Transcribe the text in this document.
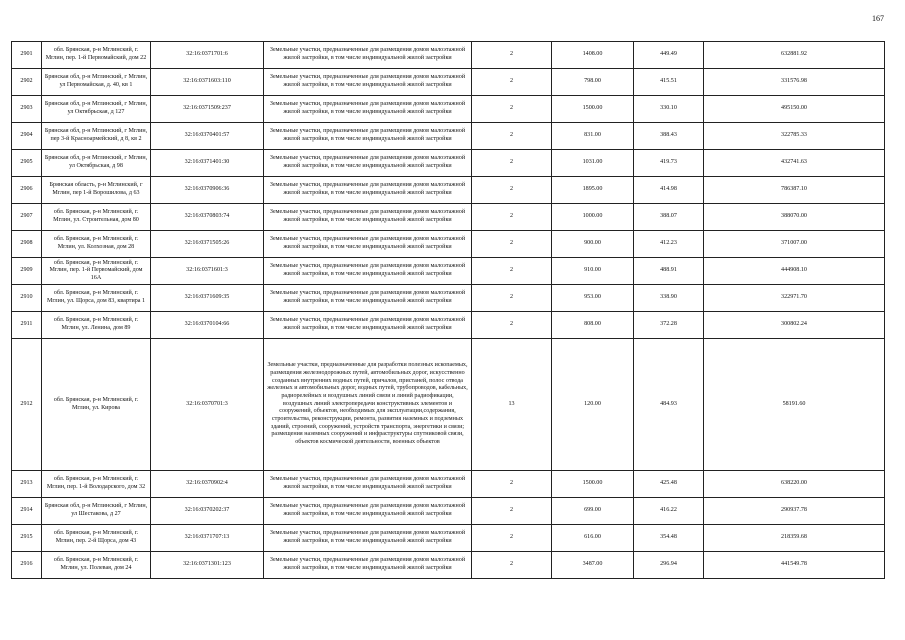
167
2901	обл. Брянская, р-н Мглинский, г. Мглин, пер. 1-й Первомайский, дом 22	32:16:0371701:6	Земельные участки, предназначенные для размещения домов малоэтажной жилой застройки, в том числе индивидуальной жилой застройки	2	1408.00	449.49	632881.92
2902	Брянская обл, р-н Мглинский, г Мглин, ул Первомайская, д. 40, кв 1	32:16:0371603:110	Земельные участки, предназначенные для размещения домов малоэтажной жилой застройки, в том числе индивидуальной жилой застройки	2	798.00	415.51	331576.98
2903	Брянская обл, р-н Мглинский, г Мглин, ул Октябрьская, д 127	32:16:0371509:237	Земельные участки, предназначенные для размещения домов малоэтажной жилой застройки, в том числе индивидуальной жилой застройки	2	1500.00	330.10	495150.00
2904	Брянская обл, р-н Мглинский, г Мглин, пер 3-й Красноармейский, д 8, кв 2	32:16:0370401:57	Земельные участки, предназначенные для размещения домов малоэтажной жилой застройки, в том числе индивидуальной жилой застройки	2	831.00	388.43	322785.33
2905	Брянская обл, р-н Мглинский, г Мглин, ул Октябрьская, д 98	32:16:0371401:30	Земельные участки, предназначенные для размещения домов малоэтажной жилой застройки, в том числе индивидуальной жилой застройки	2	1031.00	419.73	432741.63
2906	Брянская область, р-н Мглинский, г Мглин, пер 1-й Ворошилова, д 63	32:16:0370906:36	Земельные участки, предназначенные для размещения домов малоэтажной жилой застройки, в том числе индивидуальной жилой застройки	2	1895.00	414.98	786387.10
2907	обл. Брянская, р-н Мглинский, г. Мглин, ул. Строительная, дом 80	32:16:0370803:74	Земельные участки, предназначенные для размещения домов малоэтажной жилой застройки, в том числе индивидуальной жилой застройки	2	1000.00	388.07	388070.00
2908	обл. Брянская, р-н Мглинский, г. Мглин, ул. Колхозная, дом 28	32:16:0371505:26	Земельные участки, предназначенные для размещения домов малоэтажной жилой застройки, в том числе индивидуальной жилой застройки	2	900.00	412.23	371007.00
2909	обл. Брянская, р-н Мглинский, г. Мглин, пер. 1-й Первомайский, дом 16А	32:16:0371601:3	Земельные участки, предназначенные для размещения домов малоэтажной жилой застройки, в том числе индивидуальной жилой застройки	2	910.00	488.91	444908.10
2910	обл. Брянская, р-н Мглинский, г. Мглин, ул. Щорса, дом 83, квартира 1	32:16:0371609:35	Земельные участки, предназначенные для размещения домов малоэтажной жилой застройки, в том числе индивидуальной жилой застройки	2	953.00	338.90	322971.70
2911	обл. Брянская, р-н Мглинский, г. Мглин, ул. Ленина, дом 89	32:16:0370104:66	Земельные участки, предназначенные для размещения домов малоэтажной жилой застройки, в том числе индивидуальной жилой застройки	2	808.00	372.28	300802.24
2912	обл. Брянская, р-н Мглинский, г. Мглин, ул. Кирова	32:16:0370701:3	Земельные участки, предназначенные для разработки полезных ископаемых, размещения железнодорожных путей, автомобильных дорог, искусственно созданных внутренних водных путей, причалов, пристаней, полос отвода железных и автомобильных дорог, водных путей, трубопроводов, кабельных, радиорелейных и воздушных линий связи и линий радиофикации, воздушных линий электропередачи конструктивных элементов и сооружений, объектов, необходимых для эксплуатации,содержания, строительства, реконструкции, ремонта, развития наземных и подземных зданий, строений, сооружений, устройств транспорта, энергетики и связи; размещения наземных сооружений и инфраструктуры спутниковой связи, объектов космической деятельности, военных объектов	13	120.00	484.93	58191.60
2913	обл. Брянская, р-н Мглинский, г. Мглин, пер. 1-й Володарского, дом 32	32:16:0370902:4	Земельные участки, предназначенные для размещения домов малоэтажной жилой застройки, в том числе индивидуальной жилой застройки	2	1500.00	425.48	638220.00
2914	Брянская обл, р-н Мглинский, г Мглин, ул Шестакова, д 27	32:16:0370202:37	Земельные участки, предназначенные для размещения домов малоэтажной жилой застройки, в том числе индивидуальной жилой застройки	2	699.00	416.22	290937.78
2915	обл. Брянская, р-н Мглинский, г. Мглин, пер. 2-й Щорса, дом 43	32:16:0371707:13	Земельные участки, предназначенные для размещения домов малоэтажной жилой застройки, в том числе индивидуальной жилой застройки	2	616.00	354.48	218359.68
2916	обл. Брянская, р-н Мглинский, г. Мглин, ул. Полевая, дом 24	32:16:0371301:123	Земельные участки, предназначенные для размещения домов малоэтажной жилой застройки, в том числе индивидуальной жилой застройки	2	3487.00	296.94	441549.78
